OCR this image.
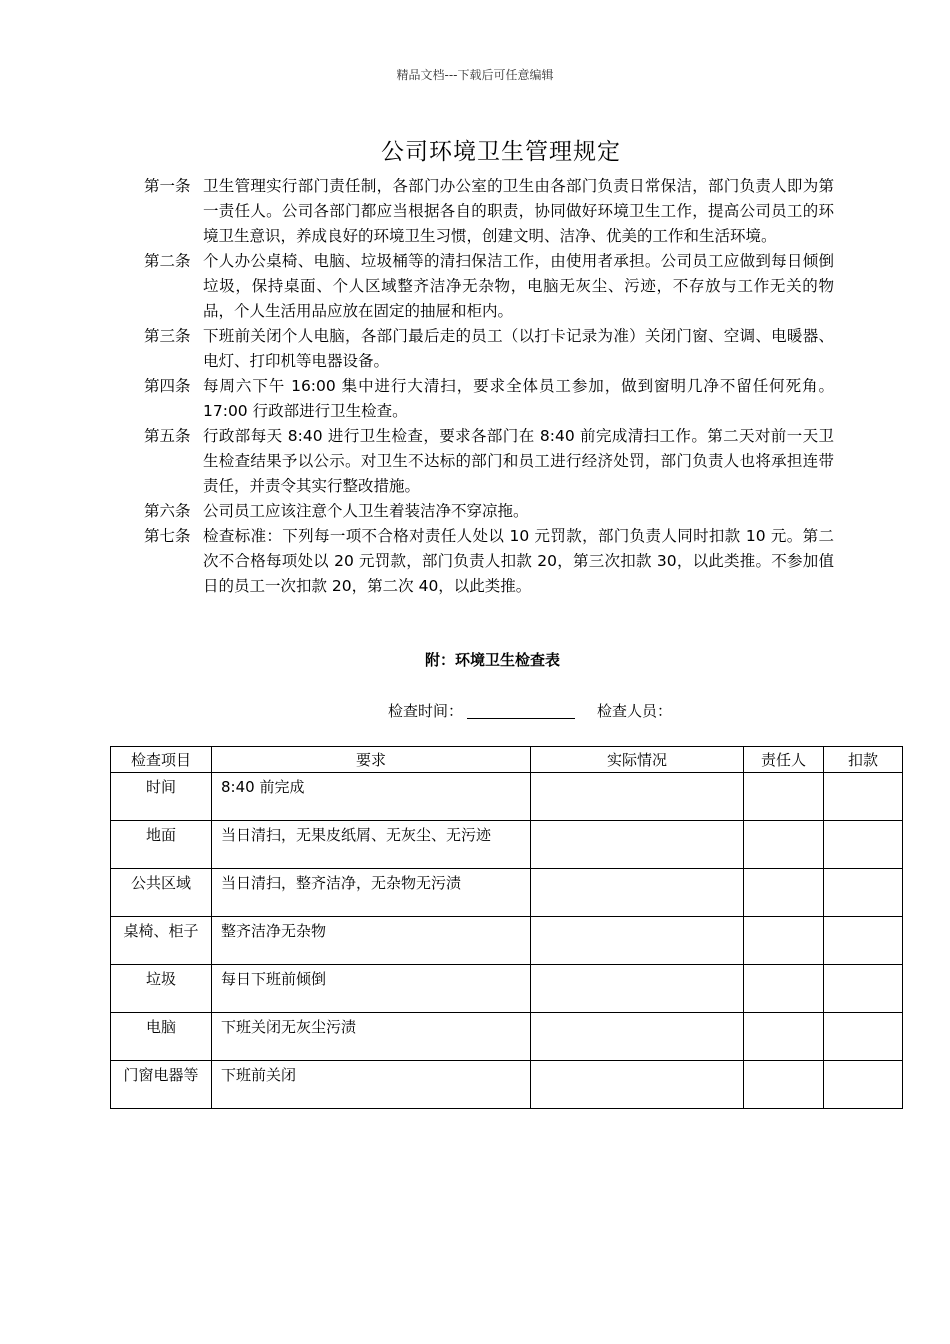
精品文档---下载后可任意编辑
公司环境卫生管理规定
第一条 卫生管理实行部门责任制，各部门办公室的卫生由各部门负责日常保洁，部门负责人即为第一责任人。公司各部门都应当根据各自的职责，协同做好环境卫生工作，提高公司员工的环境卫生意识，养成良好的环境卫生习惯，创建文明、洁净、优美的工作和生活环境。
第二条 个人办公桌椅、电脑、垃圾桶等的清扫保洁工作，由使用者承担。公司员工应做到每日倾倒垃圾，保持桌面、个人区域整齐洁净无杂物，电脑无灰尘、污迹，不存放与工作无关的物品，个人生活用品应放在固定的抽屉和柜内。
第三条 下班前关闭个人电脑，各部门最后走的员工（以打卡记录为准）关闭门窗、空调、电暖器、电灯、打印机等电器设备。
第四条 每周六下午 16:00 集中进行大清扫，要求全体员工参加，做到窗明几净不留任何死角。17:00 行政部进行卫生检查。
第五条 行政部每天 8:40 进行卫生检查，要求各部门在 8:40 前完成清扫工作。第二天对前一天卫生检查结果予以公示。对卫生不达标的部门和员工进行经济处罚，部门负责人也将承担连带责任，并责令其实行整改措施。
第六条 公司员工应该注意个人卫生着装洁净不穿凉拖。
第七条 检查标准：下列每一项不合格对责任人处以 10 元罚款，部门负责人同时扣款 10 元。第二次不合格每项处以 20 元罚款，部门负责人扣款 20，第三次扣款 30，以此类推。不参加值日的员工一次扣款 20，第二次 40，以此类推。
附：环境卫生检查表
检查时间：	检查人员：
检查项目	要求	实际情况	责任人	扣款
时间	8:40 前完成			
地面	当日清扫，无果皮纸屑、无灰尘、无污迹			
公共区域	当日清扫，整齐洁净，无杂物无污渍			
桌椅、柜子	整齐洁净无杂物			
垃圾	每日下班前倾倒			
电脑	下班关闭无灰尘污渍			
门窗电器等	下班前关闭			
